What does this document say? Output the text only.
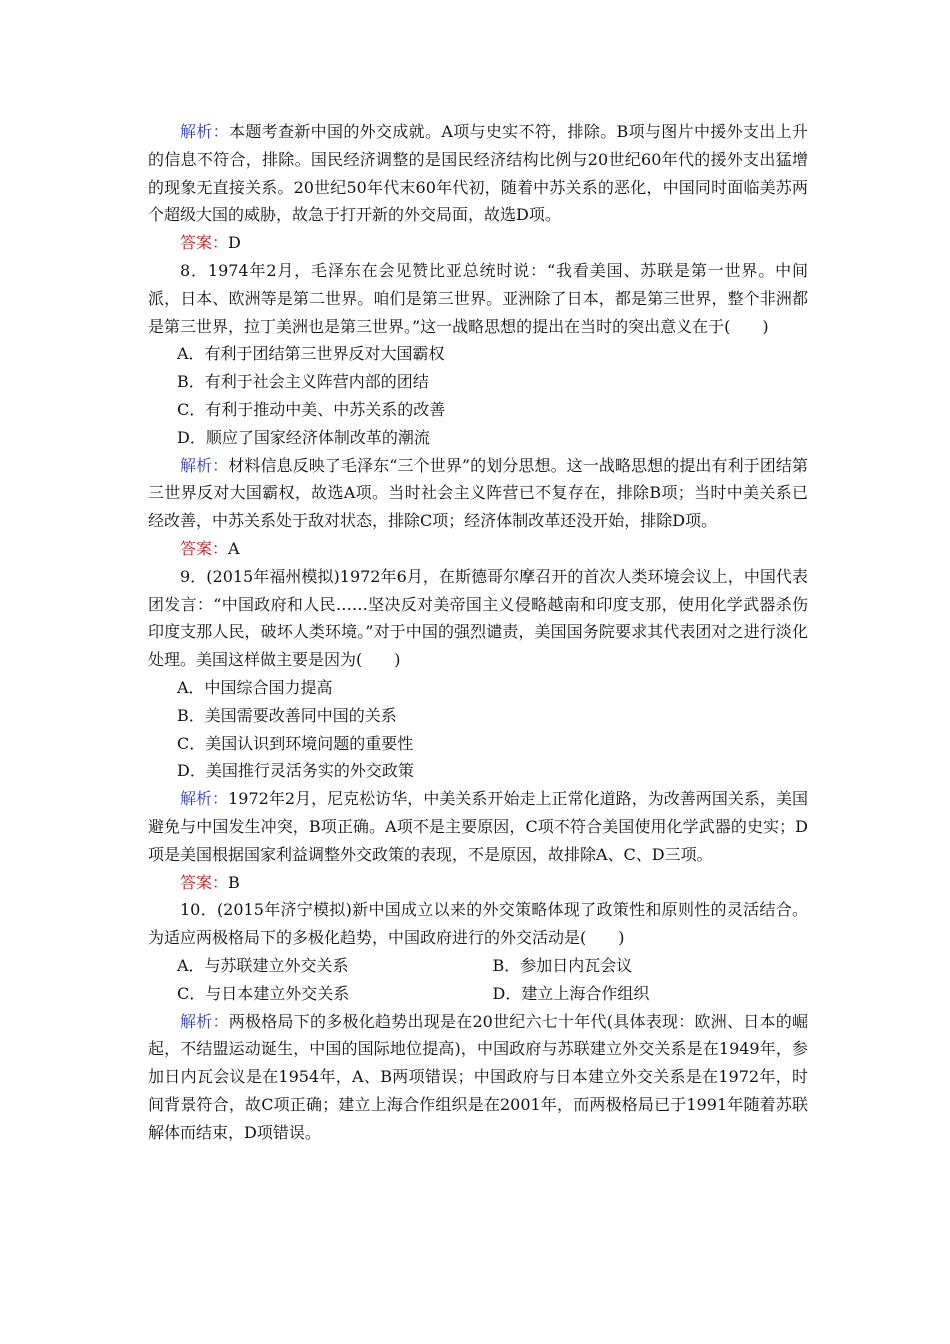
解析：本题考查新中国的外交成就。A项与史实不符，排除。B项与图片中援外支出上升的信息不符合，排除。国民经济调整的是国民经济结构比例与20世纪60年代的援外支出猛增的现象无直接关系。20世纪50年代末60年代初，随着中苏关系的恶化，中国同时面临美苏两个超级大国的威胁，故急于打开新的外交局面，故选D项。

答案：D

8．1974年2月，毛泽东在会见赞比亚总统时说：“我看美国、苏联是第一世界。中间派，日本、欧洲等是第二世界。咱们是第三世界。亚洲除了日本，都是第三世界，整个非洲都是第三世界，拉丁美洲也是第三世界。”这一战略思想的提出在当时的突出意义在于(　　)

A．有利于团结第三世界反对大国霸权

B．有利于社会主义阵营内部的团结

C．有利于推动中美、中苏关系的改善

D．顺应了国家经济体制改革的潮流

解析：材料信息反映了毛泽东“三个世界”的划分思想。这一战略思想的提出有利于团结第三世界反对大国霸权，故选A项。当时社会主义阵营已不复存在，排除B项；当时中美关系已经改善，中苏关系处于敌对状态，排除C项；经济体制改革还没开始，排除D项。

答案：A

9．(2015年福州模拟)1972年6月，在斯德哥尔摩召开的首次人类环境会议上，中国代表团发言：“中国政府和人民……坚决反对美帝国主义侵略越南和印度支那，使用化学武器杀伤印度支那人民，破坏人类环境。”对于中国的强烈谴责，美国国务院要求其代表团对之进行淡化处理。美国这样做主要是因为(　　)

A．中国综合国力提高

B．美国需要改善同中国的关系

C．美国认识到环境问题的重要性

D．美国推行灵活务实的外交政策

解析：1972年2月，尼克松访华，中美关系开始走上正常化道路，为改善两国关系，美国避免与中国发生冲突，B项正确。A项不是主要原因，C项不符合美国使用化学武器的史实；D项是美国根据国家利益调整外交政策的表现，不是原因，故排除A、C、D三项。

答案：B

10．(2015年济宁模拟)新中国成立以来的外交策略体现了政策性和原则性的灵活结合。为适应两极格局下的多极化趋势，中国政府进行的外交活动是(　　)

A．与苏联建立外交关系	B．参加日内瓦会议
C．与日本建立外交关系	D．建立上海合作组织

解析：两极格局下的多极化趋势出现是在20世纪六七十年代(具体表现：欧洲、日本的崛起，不结盟运动诞生，中国的国际地位提高)，中国政府与苏联建立外交关系是在1949年，参加日内瓦会议是在1954年，A、B两项错误；中国政府与日本建立外交关系是在1972年，时间背景符合，故C项正确；建立上海合作组织是在2001年，而两极格局已于1991年随着苏联解体而结束，D项错误。
